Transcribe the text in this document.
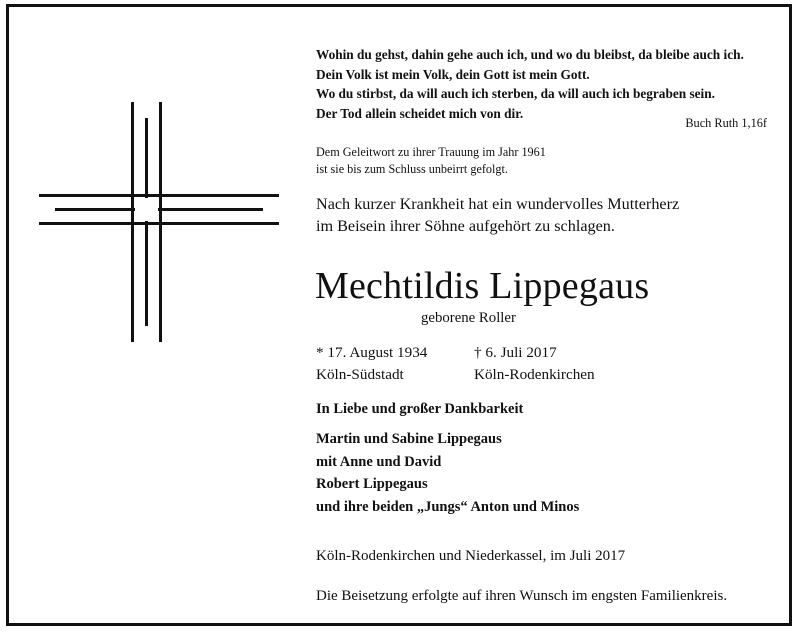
Wohin du gehst, dahin gehe auch ich, und wo du bleibst, da bleibe auch ich.
Dein Volk ist mein Volk, dein Gott ist mein Gott.
Wo du stirbst, da will auch ich sterben, da will auch ich begraben sein.
Der Tod allein scheidet mich von dir.
Buch Ruth 1,16f
Dem Geleitwort zu ihrer Trauung im Jahr 1961
ist sie bis zum Schluss unbeirrt gefolgt.
Nach kurzer Krankheit hat ein wundervolles Mutterherz
im Beisein ihrer Söhne aufgehört zu schlagen.
Mechtildis Lippegaus
geborene Roller
* 17. August 1934
Köln-Südstadt
† 6. Juli 2017
Köln-Rodenkirchen
In Liebe und großer Dankbarkeit
Martin und Sabine Lippegaus
mit Anne und David
Robert Lippegaus
und ihre beiden „Jungs“ Anton und Minos
Köln-Rodenkirchen und Niederkassel, im Juli 2017
Die Beisetzung erfolgte auf ihren Wunsch im engsten Familienkreis.
